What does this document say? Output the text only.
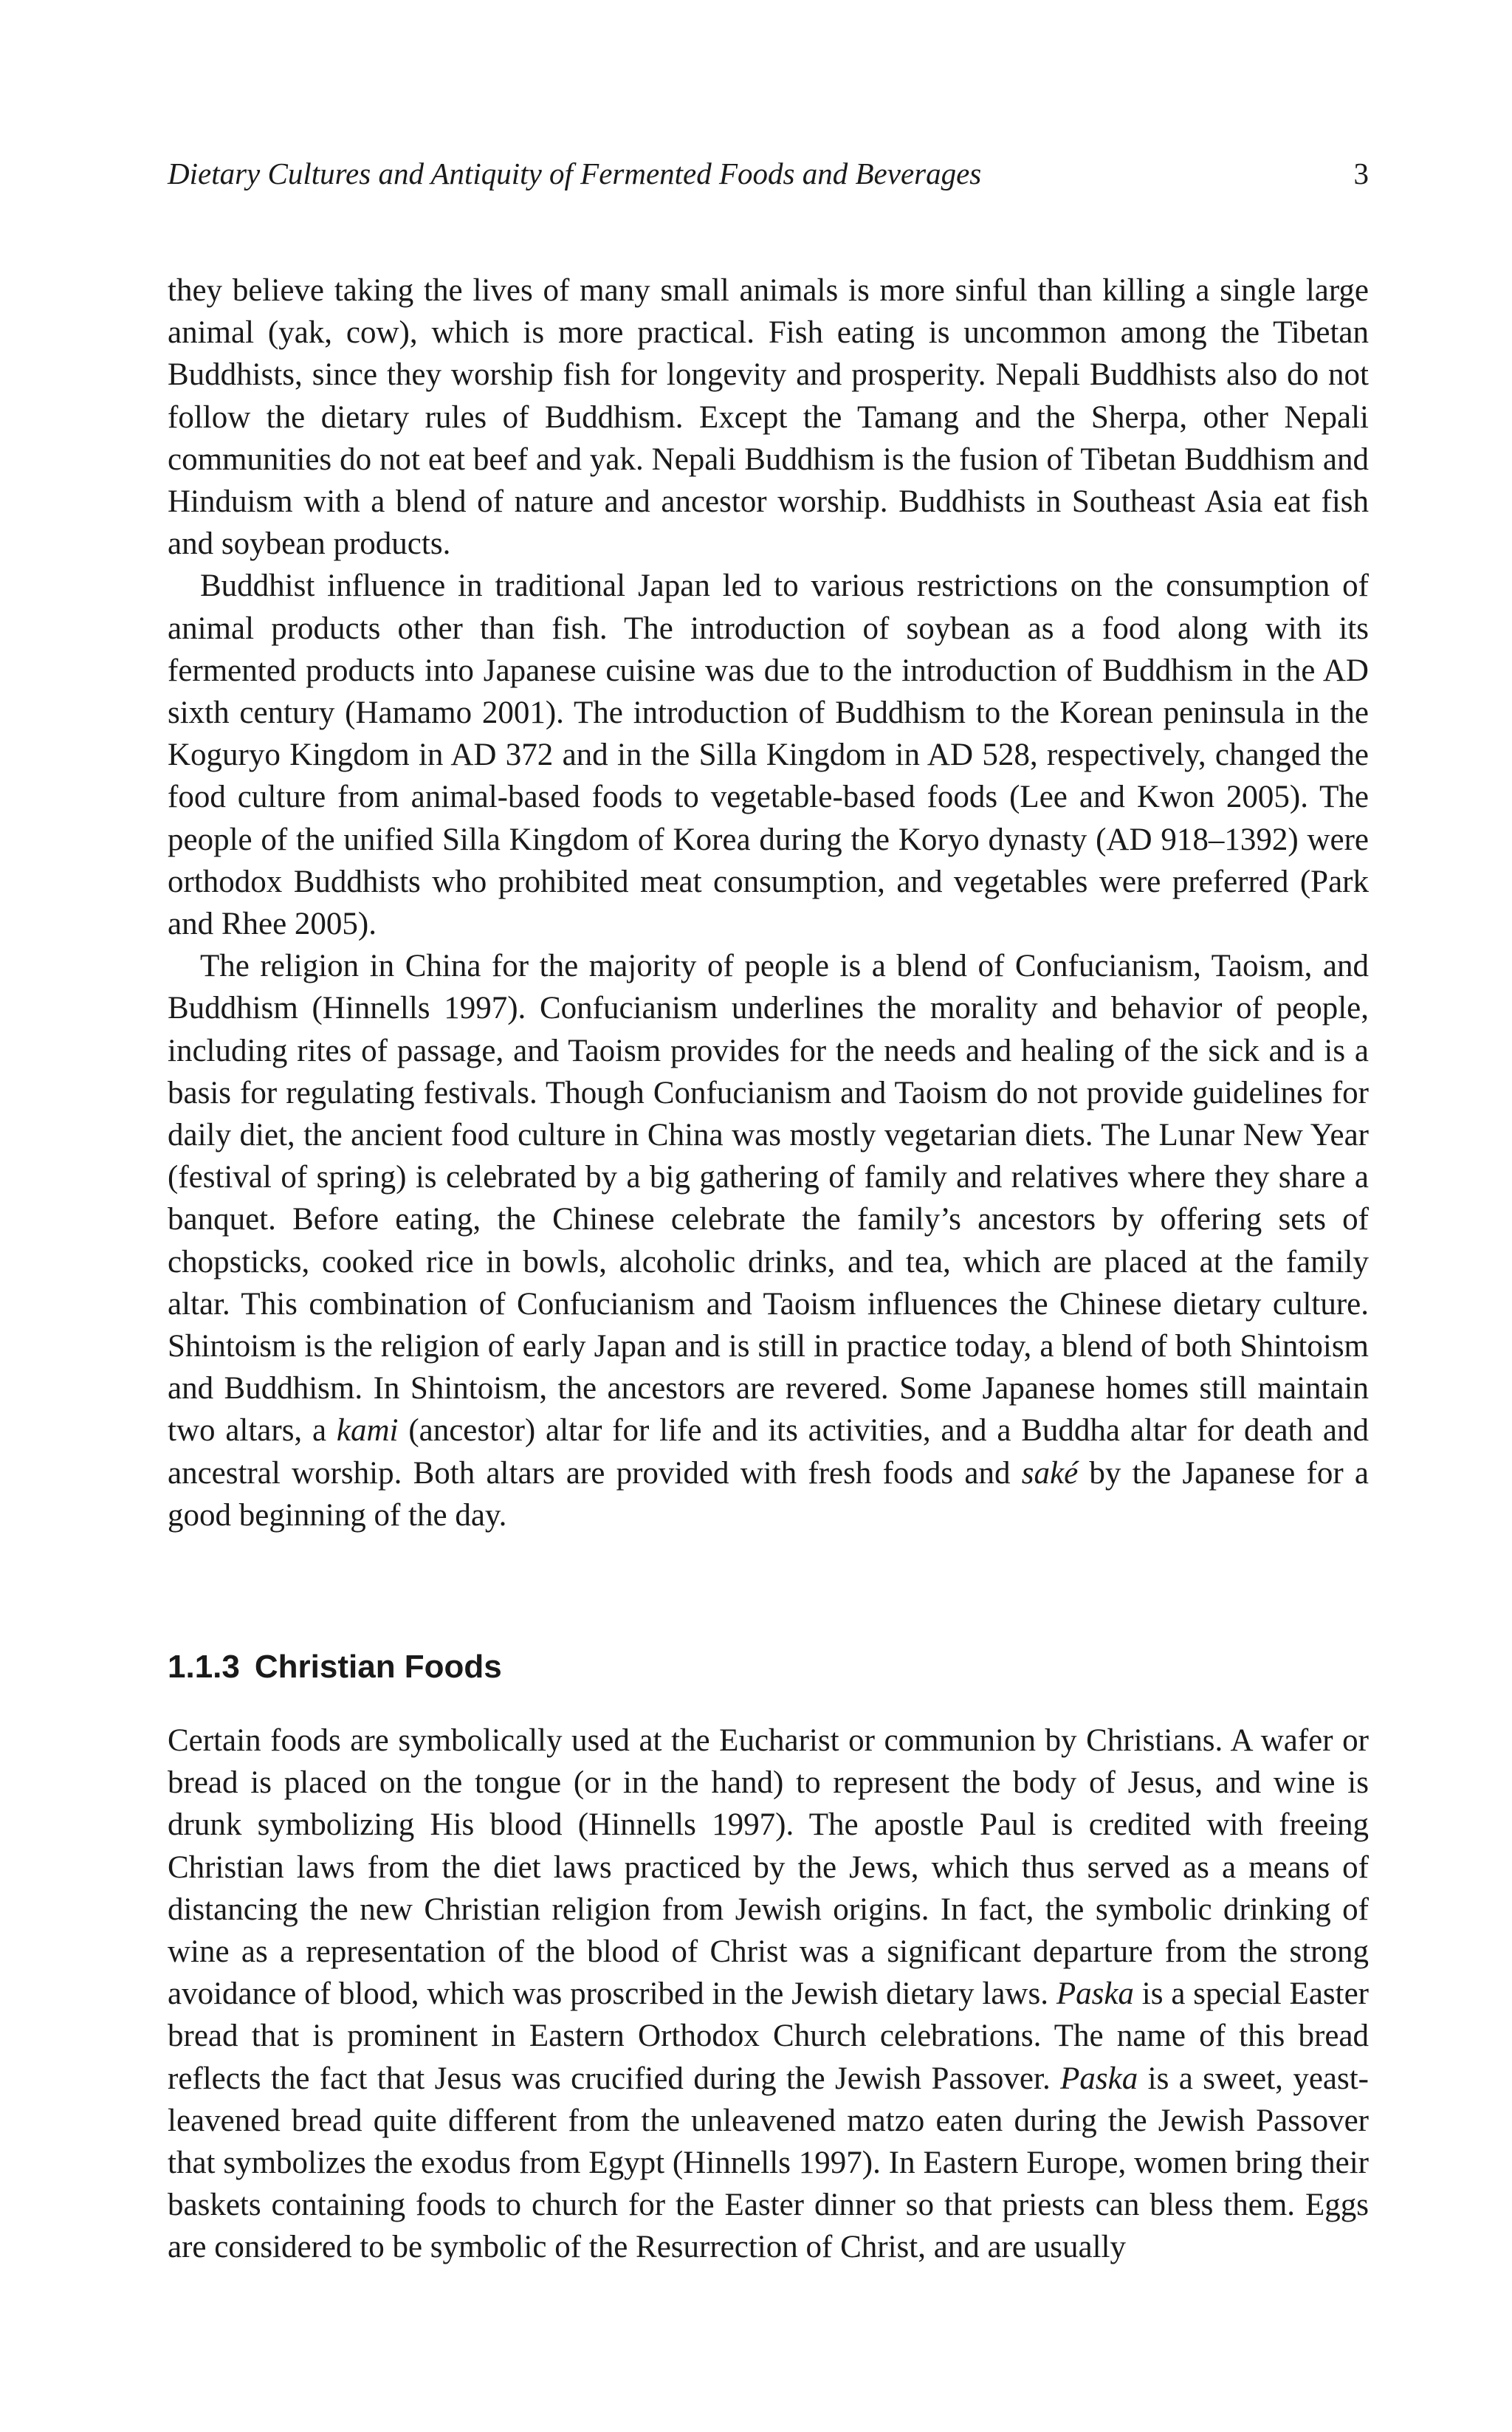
Dietary Cultures and Antiquity of Fermented Foods and Beverages	3

they believe taking the lives of many small animals is more sinful than killing a single large animal (yak, cow), which is more practical. Fish eating is uncommon among the Tibetan Buddhists, since they worship fish for longevity and prosperity. Nepali Buddhists also do not follow the dietary rules of Buddhism. Except the Tamang and the Sherpa, other Nepali communities do not eat beef and yak. Nepali Buddhism is the fusion of Tibetan Buddhism and Hinduism with a blend of nature and ancestor worship. Buddhists in Southeast Asia eat fish and soybean products.

Buddhist influence in traditional Japan led to various restrictions on the consumption of animal products other than fish. The introduction of soybean as a food along with its fermented products into Japanese cuisine was due to the introduction of Buddhism in the AD sixth century (Hamamo 2001). The introduction of Buddhism to the Korean peninsula in the Koguryo Kingdom in AD 372 and in the Silla Kingdom in AD 528, respectively, changed the food culture from animal-based foods to vegetable-based foods (Lee and Kwon 2005). The people of the unified Silla Kingdom of Korea during the Koryo dynasty (AD 918–1392) were orthodox Buddhists who prohibited meat consumption, and vegetables were preferred (Park and Rhee 2005).

The religion in China for the majority of people is a blend of Confucianism, Taoism, and Buddhism (Hinnells 1997). Confucianism underlines the morality and behavior of people, including rites of passage, and Taoism provides for the needs and healing of the sick and is a basis for regulating festivals. Though Confucianism and Taoism do not provide guidelines for daily diet, the ancient food culture in China was mostly vegetarian diets. The Lunar New Year (festival of spring) is celebrated by a big gathering of family and relatives where they share a banquet. Before eating, the Chinese celebrate the family’s ancestors by offering sets of chopsticks, cooked rice in bowls, alcoholic drinks, and tea, which are placed at the family altar. This combination of Confucianism and Taoism influences the Chinese dietary culture. Shintoism is the religion of early Japan and is still in practice today, a blend of both Shintoism and Buddhism. In Shintoism, the ancestors are revered. Some Japanese homes still maintain two altars, a kami (ancestor) altar for life and its activities, and a Buddha altar for death and ancestral worship. Both altars are provided with fresh foods and saké by the Japanese for a good beginning of the day.

1.1.3 Christian Foods

Certain foods are symbolically used at the Eucharist or communion by Christians. A wafer or bread is placed on the tongue (or in the hand) to represent the body of Jesus, and wine is drunk symbolizing His blood (Hinnells 1997). The apostle Paul is credited with freeing Christian laws from the diet laws practiced by the Jews, which thus served as a means of distancing the new Christian religion from Jewish origins. In fact, the symbolic drinking of wine as a representation of the blood of Christ was a significant departure from the strong avoidance of blood, which was proscribed in the Jewish dietary laws. Paska is a special Easter bread that is prominent in Eastern Orthodox Church celebrations. The name of this bread reflects the fact that Jesus was crucified during the Jewish Passover. Paska is a sweet, yeast-leavened bread quite different from the unleavened matzo eaten during the Jewish Passover that symbolizes the exodus from Egypt (Hinnells 1997). In Eastern Europe, women bring their baskets containing foods to church for the Easter dinner so that priests can bless them. Eggs are considered to be symbolic of the Resurrection of Christ, and are usually
